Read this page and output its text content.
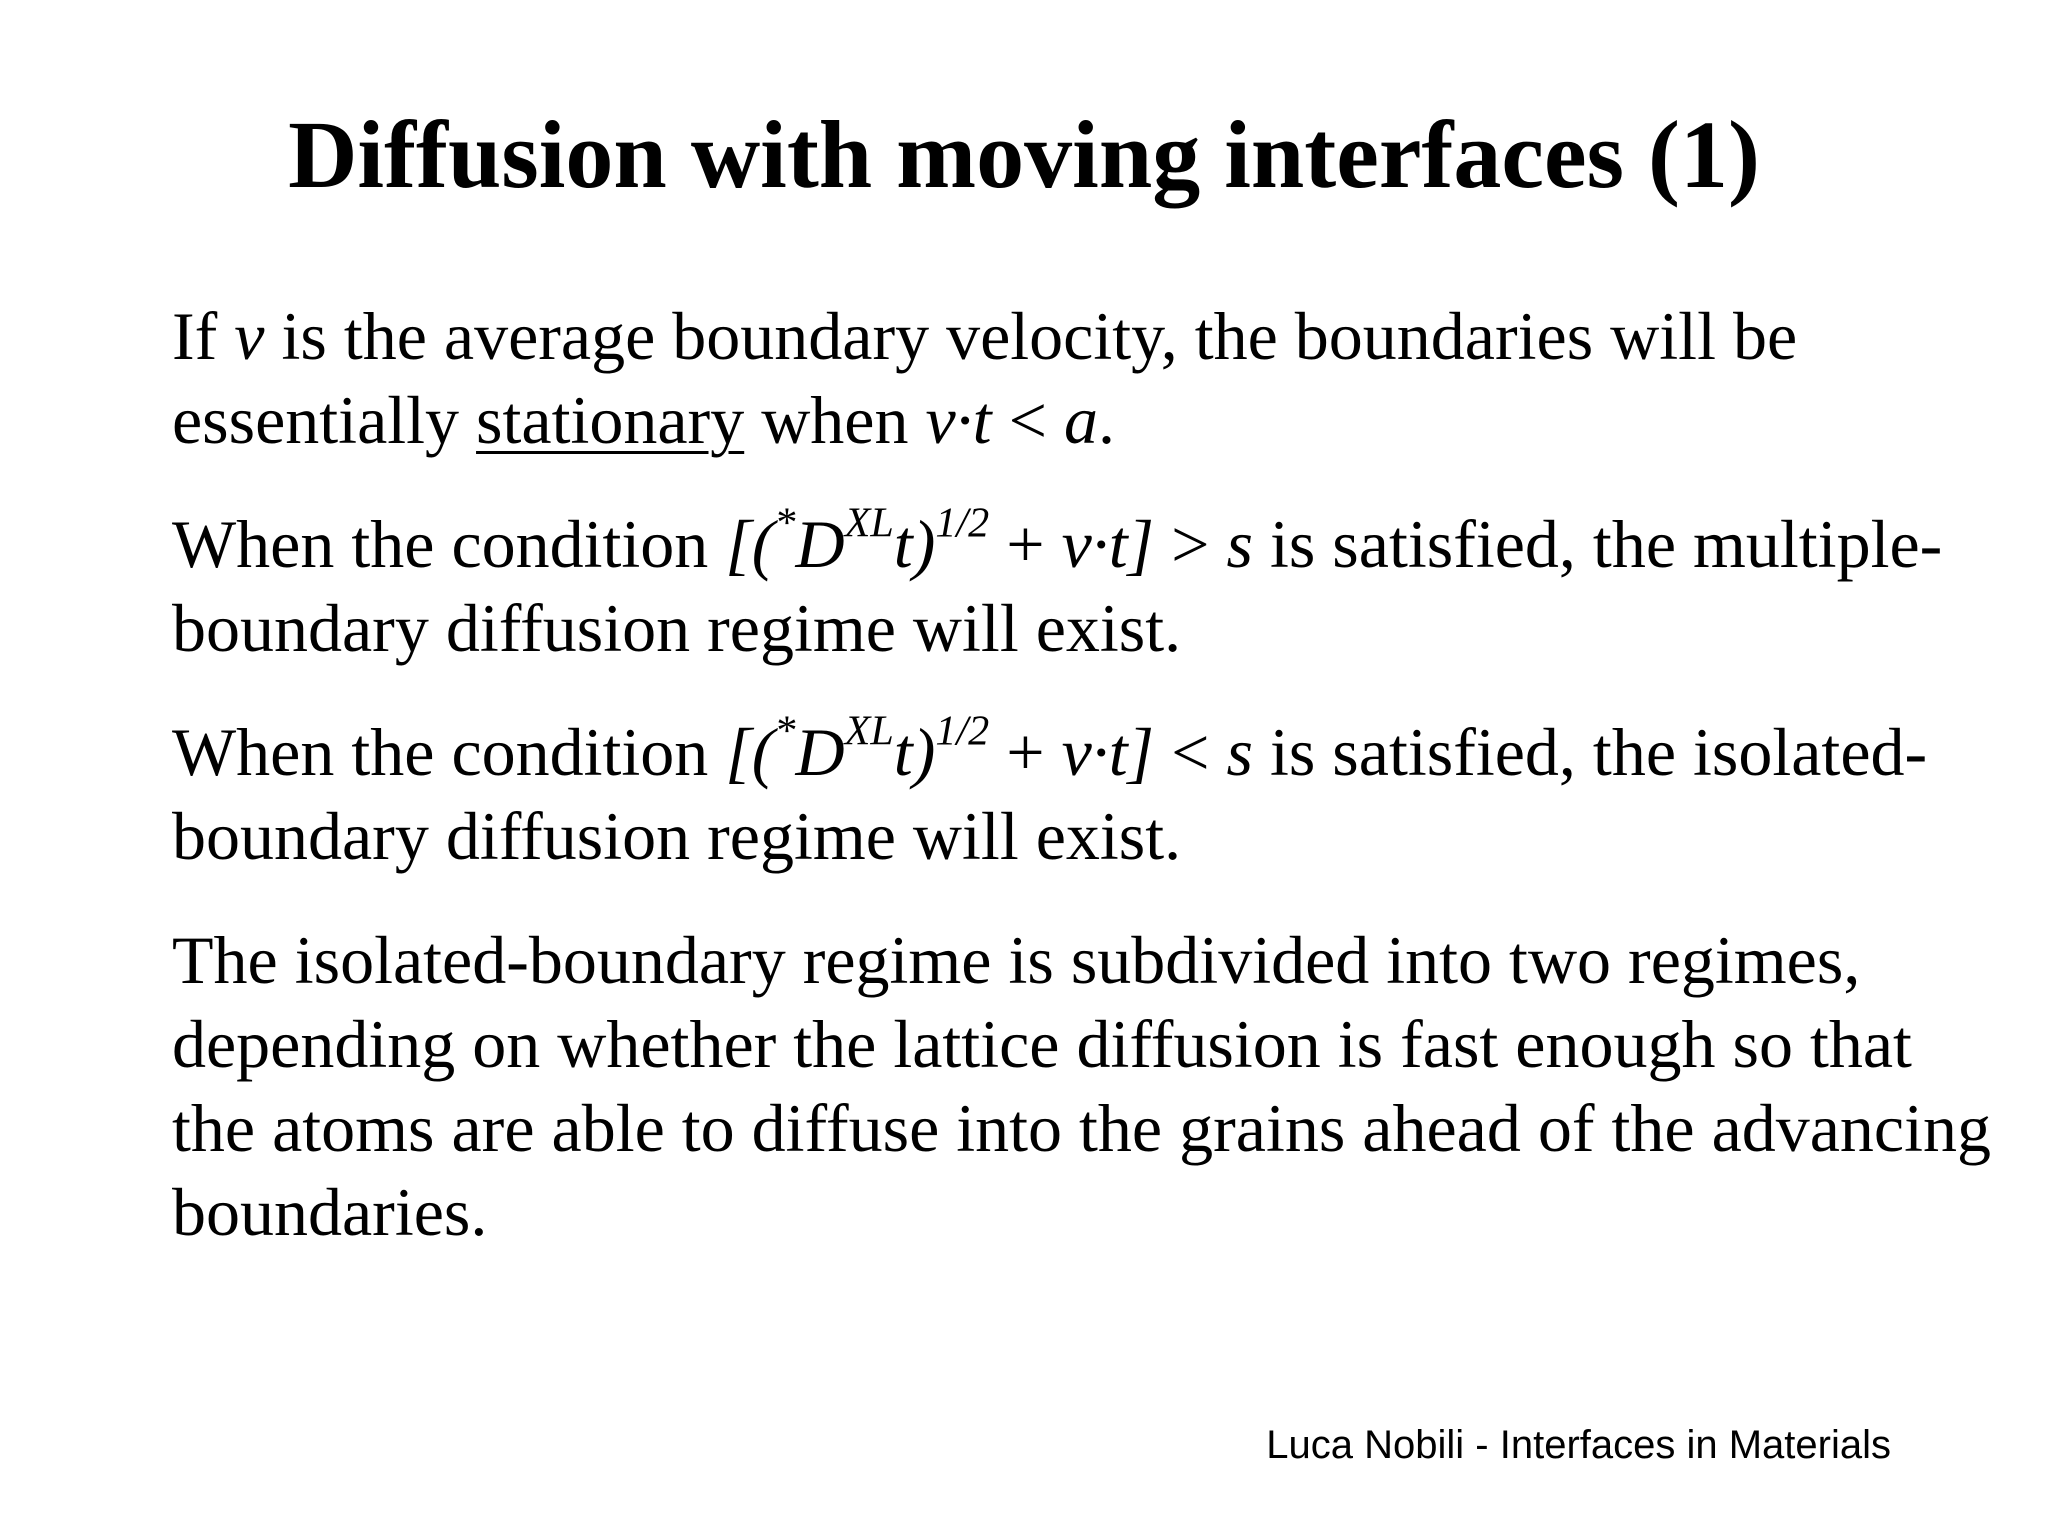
Diffusion with moving interfaces (1)

If v is the average boundary velocity, the boundaries will be essentially stationary when v·t < a.

When the condition $[(^*D^{XL}t)^{1/2} + v\cdot t] > s$ is satisfied, the multiple-boundary diffusion regime will exist.

When the condition $[(^*D^{XL}t)^{1/2} + v\cdot t] < s$ is satisfied, the isolated-boundary diffusion regime will exist.

The isolated-boundary regime is subdivided into two regimes, depending on whether the lattice diffusion is fast enough so that the atoms are able to diffuse into the grains ahead of the advancing boundaries.

Luca Nobili - Interfaces in Materials
